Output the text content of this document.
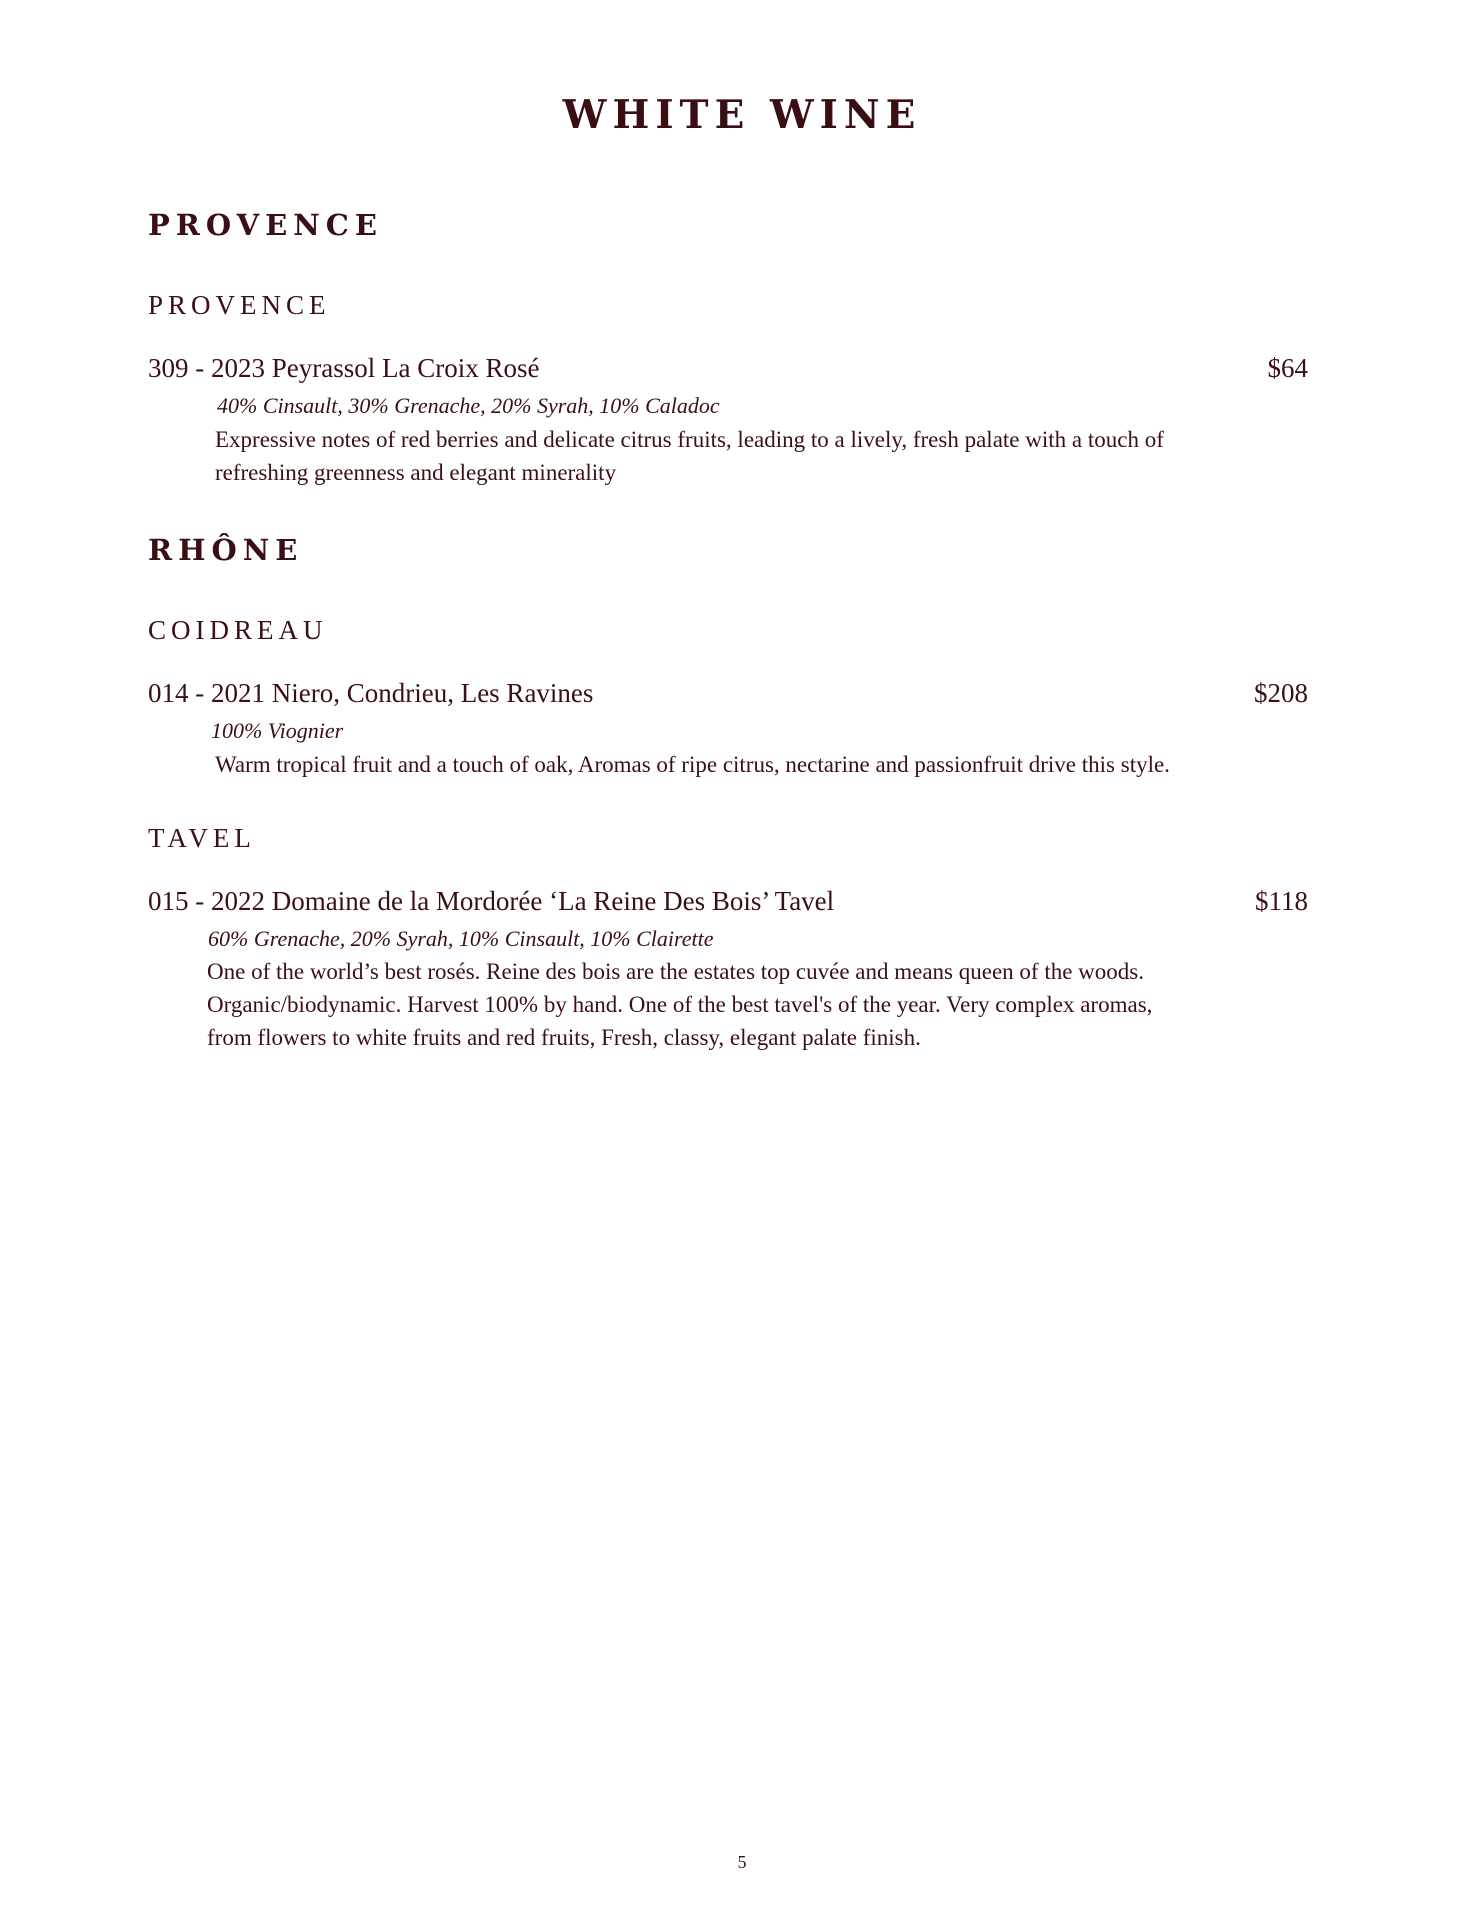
WHITE WINE
PROVENCE
PROVENCE
309 - 2023 Peyrassol La Croix Rosé	$64
40% Cinsault, 30% Grenache, 20% Syrah, 10% Caladoc
Expressive notes of red berries and delicate citrus fruits, leading to a lively, fresh palate with a touch of
refreshing greenness and elegant minerality
RHÔNE
COIDREAU
014 - 2021 Niero, Condrieu, Les Ravines	$208
100% Viognier
Warm tropical fruit and a touch of oak, Aromas of ripe citrus, nectarine and passionfruit drive this style.
TAVEL
015 - 2022 Domaine de la Mordorée ‘La Reine Des Bois’ Tavel	$118
60% Grenache, 20% Syrah, 10% Cinsault, 10% Clairette
One of the world’s best rosés. Reine des bois are the estates top cuvée and means queen of the woods.
Organic/biodynamic. Harvest 100% by hand. One of the best tavel's of the year. Very complex aromas,
from flowers to white fruits and red fruits, Fresh, classy, elegant palate finish.
5
